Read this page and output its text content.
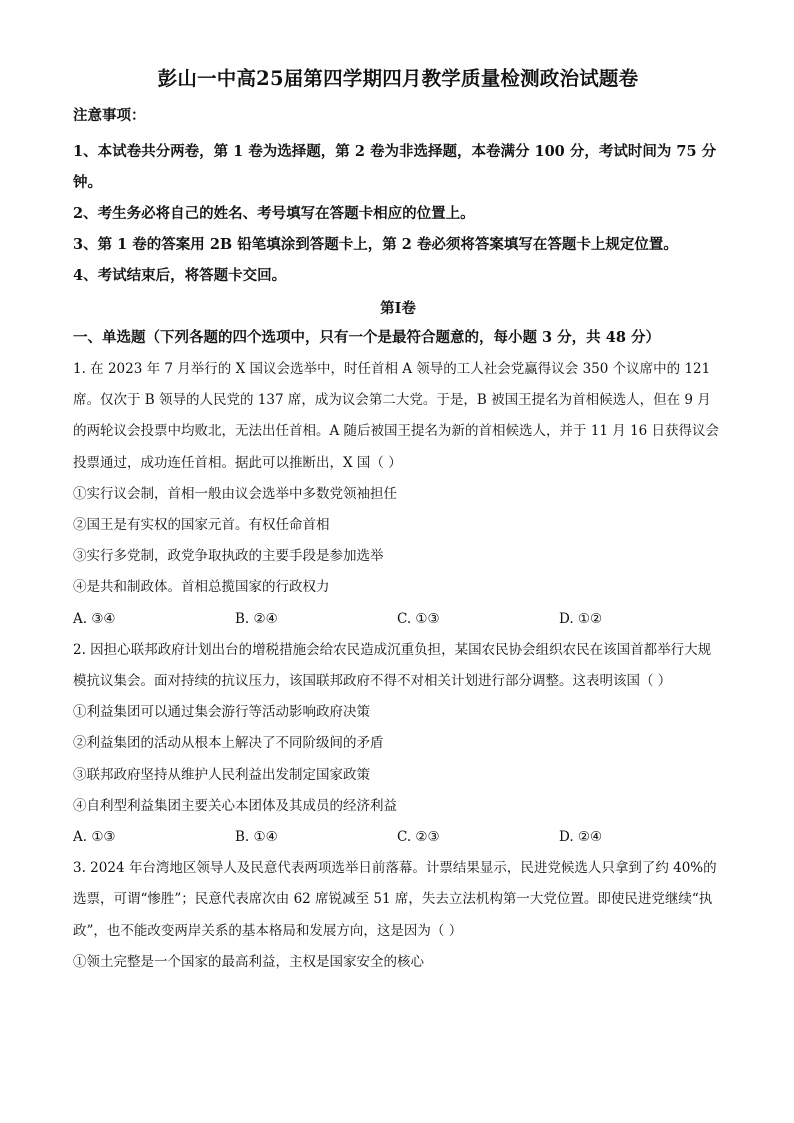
彭山一中高25届第四学期四月教学质量检测政治试题卷
注意事项：
1、本试卷共分两卷，第 1 卷为选择题，第 2 卷为非选择题，本卷满分 100 分，考试时间为 75 分钟。
2、考生务必将自己的姓名、考号填写在答题卡相应的位置上。
3、第 1 卷的答案用 2B 铅笔填涂到答题卡上，第 2 卷必须将答案填写在答题卡上规定位置。
4、考试结束后，将答题卡交回。
第Ⅰ卷
一、单选题（下列各题的四个选项中，只有一个是最符合题意的，每小题 3 分，共 48 分）
1. 在 2023 年 7 月举行的 X 国议会选举中，时任首相 A 领导的工人社会党赢得议会 350 个议席中的 121 席。仅次于 B 领导的人民党的 137 席，成为议会第二大党。于是，B 被国王提名为首相候选人，但在 9 月的两轮议会投票中均败北，无法出任首相。A 随后被国王提名为新的首相候选人，并于 11 月 16 日获得议会投票通过，成功连任首相。据此可以推断出，X 国（ ）
①实行议会制，首相一般由议会选举中多数党领袖担任
②国王是有实权的国家元首。有权任命首相
③实行多党制，政党争取执政的主要手段是参加选举
④是共和制政体。首相总揽国家的行政权力
A. ③④	B. ②④	C. ①③	D. ①②
2. 因担心联邦政府计划出台的增税措施会给农民造成沉重负担，某国农民协会组织农民在该国首都举行大规模抗议集会。面对持续的抗议压力，该国联邦政府不得不对相关计划进行部分调整。这表明该国（ ）
①利益集团可以通过集会游行等活动影响政府决策
②利益集团的活动从根本上解决了不同阶级间的矛盾
③联邦政府坚持从维护人民利益出发制定国家政策
④自利型利益集团主要关心本团体及其成员的经济利益
A. ①③	B. ①④	C. ②③	D. ②④
3. 2024 年台湾地区领导人及民意代表两项选举日前落幕。计票结果显示，民进党候选人只拿到了约 40%的选票，可谓“惨胜”；民意代表席次由 62 席锐减至 51 席，失去立法机构第一大党位置。即使民进党继续“执政”，也不能改变两岸关系的基本格局和发展方向，这是因为（ ）
①领土完整是一个国家的最高利益，主权是国家安全的核心
